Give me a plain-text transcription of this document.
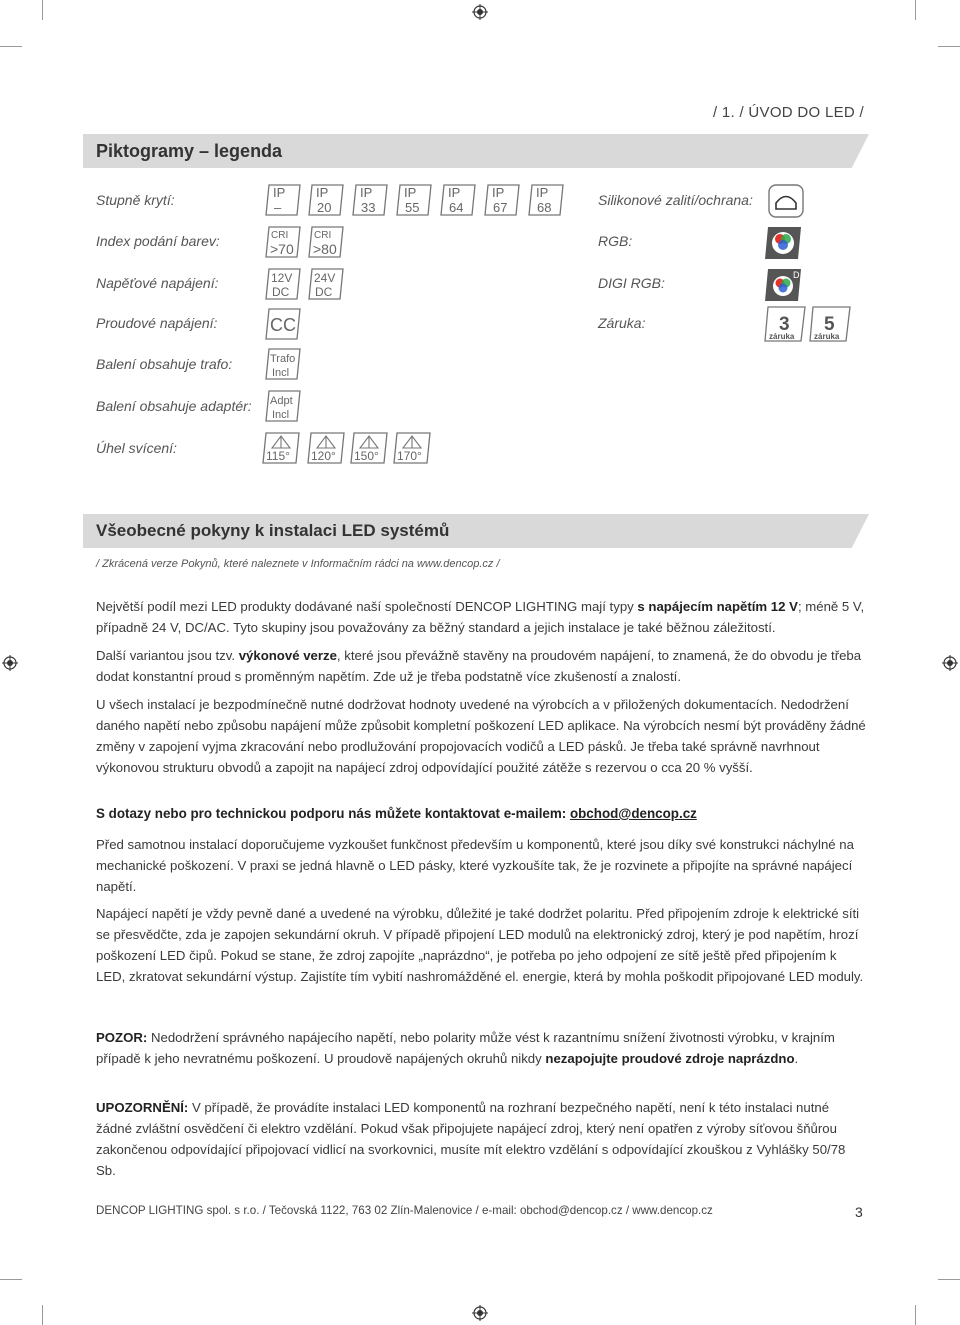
/ 1. / ÚVOD DO LED /
Piktogramy – legenda
Stupně krytí:
Index podání barev:
Napěťové napájení:
Proudové napájení:
Balení obsahuje trafo:
Balení obsahuje adaptér:
Úhel svícení:
Silikonové zalití/ochrana:
RGB:
DIGI RGB:
Záruka:
IP
–
IP
20
IP
33
IP
55
IP
64
IP
67
IP
68
CRI
>70
CRI
>80
12V
DC
24V
DC
CC
Trafo
Incl
Adpt
Incl
115° 120° 150° 170°
D
3
záruka
5
záruka
Všeobecné pokyny k instalaci LED systémů
/ Zkrácená verze Pokynů, které naleznete v Informačním rádci na www.dencop.cz /
Největší podíl mezi LED produkty dodávané naší společností DENCOP LIGHTING mají typy s napájecím napětím 12 V; méně 5 V, případně 24 V, DC/AC. Tyto skupiny jsou považovány za běžný standard a jejich instalace je také běžnou záležitostí.
Další variantou jsou tzv. výkonové verze, které jsou převážně stavěny na proudovém napájení, to znamená, že do obvodu je třeba dodat konstantní proud s proměnným napětím. Zde už je třeba podstatně více zkušeností a znalostí.
U všech instalací je bezpodmínečně nutné dodržovat hodnoty uvedené na výrobcích a v přiložených dokumentacích. Nedodržení daného napětí nebo způsobu napájení může způsobit kompletní poškození LED aplikace. Na výrobcích nesmí být prováděny žádné změny v zapojení vyjma zkracování nebo prodlužování propojovacích vodičů a LED pásků. Je třeba také správně navrhnout výkonovou strukturu obvodů a zapojit na napájecí zdroj odpovídající použité zátěže s rezervou o cca 20 % vyšší.
S dotazy nebo pro technickou podporu nás můžete kontaktovat e-mailem: obchod@dencop.cz
Před samotnou instalací doporučujeme vyzkoušet funkčnost především u komponentů, které jsou díky své konstrukci náchylné na mechanické poškození. V praxi se jedná hlavně o LED pásky, které vyzkoušíte tak, že je rozvinete a připojíte na správné napájecí napětí.
Napájecí napětí je vždy pevně dané a uvedené na výrobku, důležité je také dodržet polaritu. Před připojením zdroje k elektrické síti se přesvědčte, zda je zapojen sekundární okruh. V případě připojení LED modulů na elektronický zdroj, který je pod napětím, hrozí poškození LED čipů. Pokud se stane, že zdroj zapojíte „naprázdno“, je potřeba po jeho odpojení ze sítě ještě před připojením k LED, zkratovat sekundární výstup. Zajistíte tím vybití nashromážděné el. energie, která by mohla poškodit připojované LED moduly.
POZOR: Nedodržení správného napájecího napětí, nebo polarity může vést k razantnímu snížení životnosti výrobku, v krajním případě k jeho nevratnému poškození. U proudově napájených okruhů nikdy nezapojujte proudové zdroje naprázdno.
UPOZORNĚNÍ: V případě, že provádíte instalaci LED komponentů na rozhraní bezpečného napětí, není k této instalaci nutné žádné zvláštní osvědčení či elektro vzdělání. Pokud však připojujete napájecí zdroj, který není opatřen z výroby síťovou šňůrou zakončenou odpovídající připojovací vidlicí na svorkovnici, musíte mít elektro vzdělání s odpovídající zkouškou z Vyhlášky 50/78 Sb.
DENCOP LIGHTING spol. s r.o. / Tečovská 1122, 763 02 Zlín-Malenovice / e-mail: obchod@dencop.cz / www.dencop.cz	3
